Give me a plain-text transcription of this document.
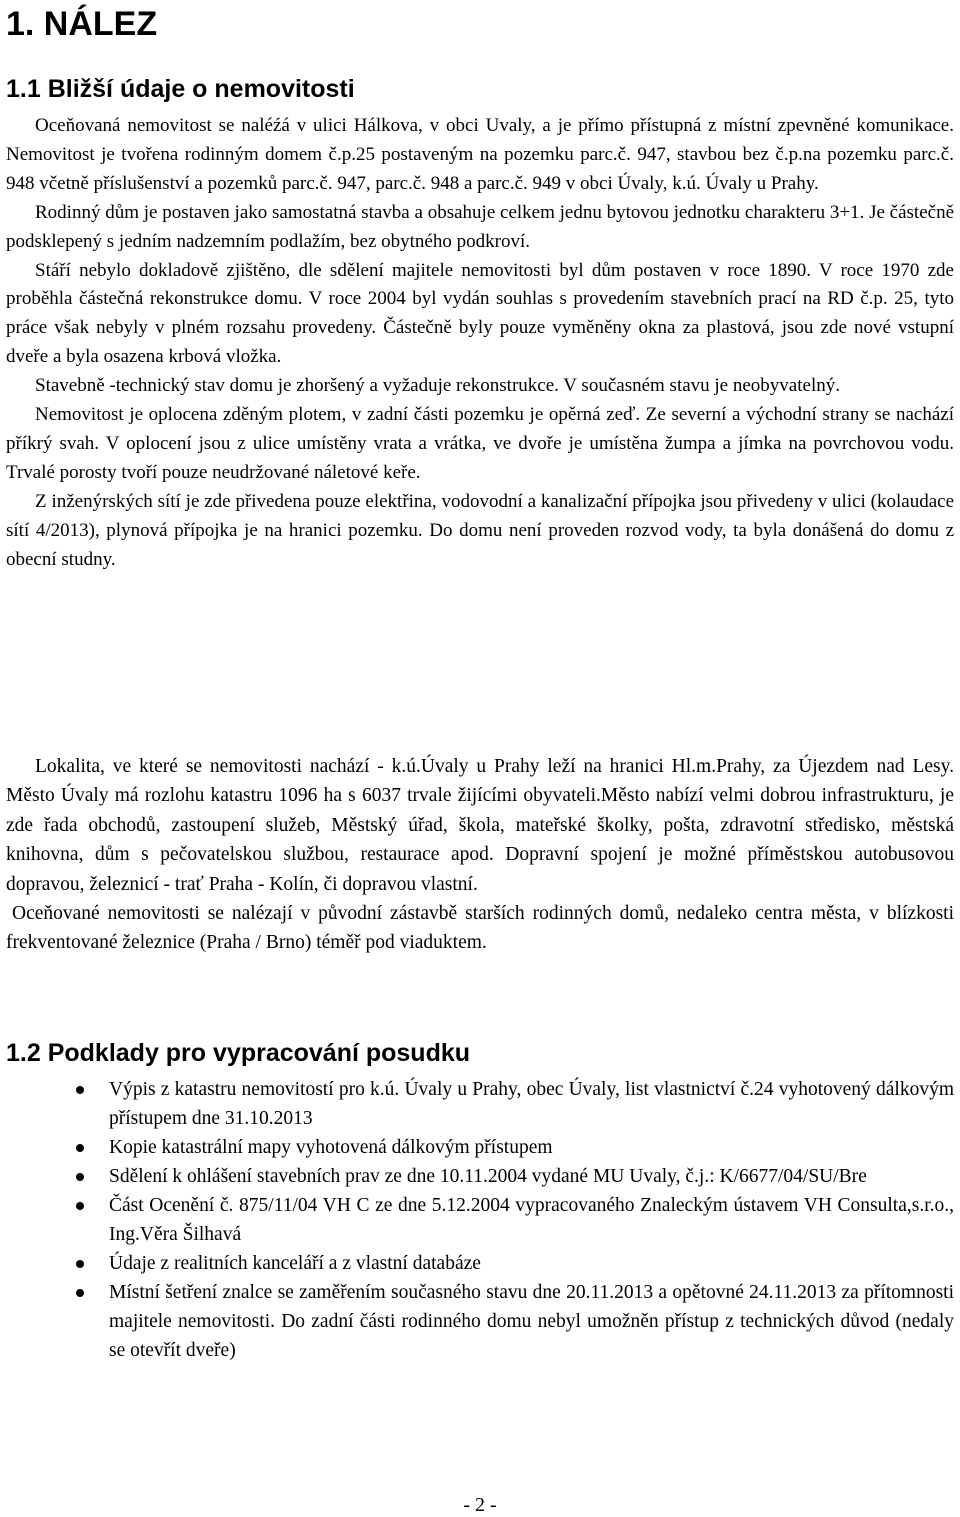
1. NÁLEZ
1.1 Bližší údaje o nemovitosti

Oceňovaná nemovitost se naléźá v ulici Hálkova, v obci Uvaly, a je přímo přístupná z místní zpevněné komunikace. Nemovitost je tvořena rodinným domem č.p.25 postaveným na pozemku parc.č. 947, stavbou bez č.p.na pozemku parc.č. 948 včetně příslušenství a pozemků parc.č. 947, parc.č. 948 a parc.č. 949 v obci Úvaly, k.ú. Úvaly u Prahy.

Rodinný dům je postaven jako samostatná stavba a obsahuje celkem jednu bytovou jednotku charakteru 3+1. Je částečně podsklepený s jedním nadzemním podlažím, bez obytného podkroví.

Stáří nebylo dokladově zjištěno, dle sdělení majitele nemovitosti byl dům postaven v roce 1890. V roce 1970 zde proběhla částečná rekonstrukce domu. V roce 2004 byl vydán souhlas s provedením stavebních prací na RD č.p. 25, tyto práce však nebyly v plném rozsahu provedeny. Částečně byly pouze vyměněny okna za plastová, jsou zde nové vstupní dveře a byla osazena krbová vložka.

Stavebně -technický stav domu je zhoršený a vyžaduje rekonstrukce. V současném stavu je neobyvatelný.

Nemovitost je oplocena zděným plotem, v zadní části pozemku je opěrná zeď. Ze severní a východní strany se nachází příkrý svah. V oplocení jsou z ulice umístěny vrata a vrátka, ve dvoře je umístěna žumpa a jímka na povrchovou vodu. Trvalé porosty tvoří pouze neudržované náletové keře.

Z inženýrských sítí je zde přivedena pouze elektřina, vodovodní a kanalizační přípojka jsou přivedeny v ulici (kolaudace sítí 4/2013), plynová přípojka je na hranici pozemku. Do domu není proveden rozvod vody, ta byla donášená do domu z obecní studny.

Lokalita, ve které se nemovitosti nachází - k.ú.Úvaly u Prahy leží na hranici Hl.m.Prahy, za Újezdem nad Lesy. Město Úvaly má rozlohu katastru 1096 ha s 6037 trvale žijícími obyvateli.Město nabízí velmi dobrou infrastrukturu, je zde řada obchodů, zastoupení služeb, Městský úřad, škola, mateřské školky, pošta, zdravotní středisko, městská knihovna, dům s pečovatelskou službou, restaurace apod. Dopravní spojení je možné příměstskou autobusovou dopravou, železnicí - trať Praha - Kolín, či dopravou vlastní.

Oceňované nemovitosti se nalézají v původní zástavbě starších rodinných domů, nedaleko centra města, v blízkosti frekventované železnice (Praha / Brno) téměř pod viaduktem.

1.2 Podklady pro vypracování posudku
Výpis z katastru nemovitostí pro k.ú. Úvaly u Prahy, obec Úvaly, list vlastnictví č.24 vyhotovený dálkovým přístupem dne 31.10.2013
Kopie katastrální mapy vyhotovená dálkovým přístupem
Sdělení k ohlášení stavebních prav ze dne 10.11.2004 vydané MU Uvaly, č.j.: K/6677/04/SU/Bre
Část Ocenění č. 875/11/04 VH C ze dne 5.12.2004 vypracovaného Znaleckým ústavem VH Consulta,s.r.o., Ing.Věra Šilhavá
Údaje z realitních kanceláří a z vlastní databáze
Místní šetření znalce se zaměřením současného stavu dne 20.11.2013 a opětovné 24.11.2013 za přítomnosti majitele nemovitosti. Do zadní části rodinného domu nebyl umožněn přístup z technických důvod (nedaly se otevřít dveře)
- 2 -
